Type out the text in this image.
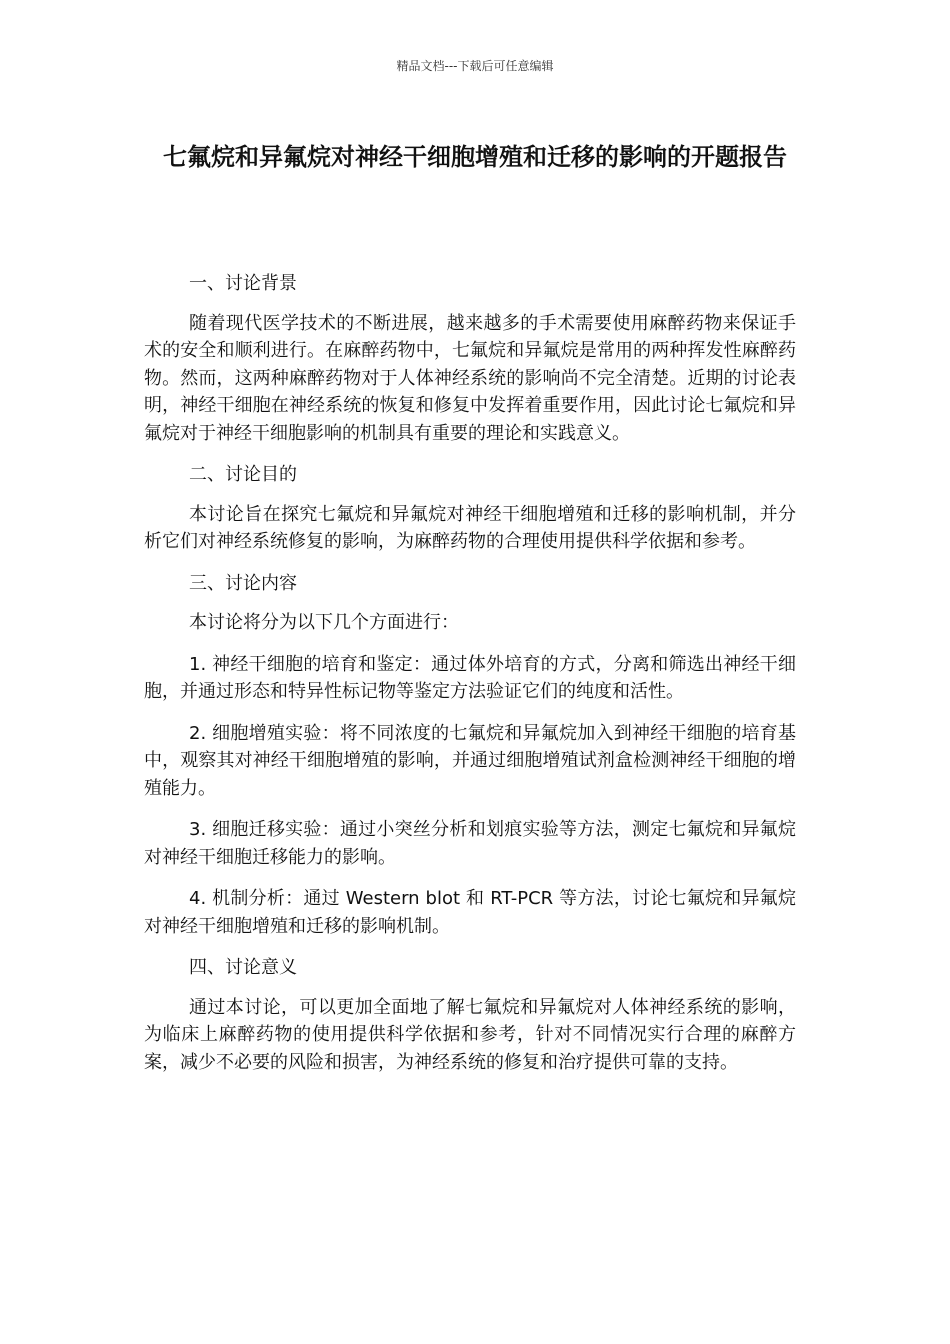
精品文档---下载后可任意编辑
七氟烷和异氟烷对神经干细胞增殖和迁移的影响的开题报告

一、讨论背景

随着现代医学技术的不断进展，越来越多的手术需要使用麻醉药物来保证手术的安全和顺利进行。在麻醉药物中，七氟烷和异氟烷是常用的两种挥发性麻醉药物。然而，这两种麻醉药物对于人体神经系统的影响尚不完全清楚。近期的讨论表明，神经干细胞在神经系统的恢复和修复中发挥着重要作用，因此讨论七氟烷和异氟烷对于神经干细胞影响的机制具有重要的理论和实践意义。

二、讨论目的

本讨论旨在探究七氟烷和异氟烷对神经干细胞增殖和迁移的影响机制，并分析它们对神经系统修复的影响，为麻醉药物的合理使用提供科学依据和参考。

三、讨论内容

本讨论将分为以下几个方面进行：

1. 神经干细胞的培育和鉴定：通过体外培育的方式，分离和筛选出神经干细胞，并通过形态和特异性标记物等鉴定方法验证它们的纯度和活性。

2. 细胞增殖实验：将不同浓度的七氟烷和异氟烷加入到神经干细胞的培育基中，观察其对神经干细胞增殖的影响，并通过细胞增殖试剂盒检测神经干细胞的增殖能力。

3. 细胞迁移实验：通过小突丝分析和划痕实验等方法，测定七氟烷和异氟烷对神经干细胞迁移能力的影响。

4. 机制分析：通过 Western blot 和 RT-PCR 等方法，讨论七氟烷和异氟烷对神经干细胞增殖和迁移的影响机制。

四、讨论意义

通过本讨论，可以更加全面地了解七氟烷和异氟烷对人体神经系统的影响，为临床上麻醉药物的使用提供科学依据和参考，针对不同情况实行合理的麻醉方案，减少不必要的风险和损害，为神经系统的修复和治疗提供可靠的支持。
